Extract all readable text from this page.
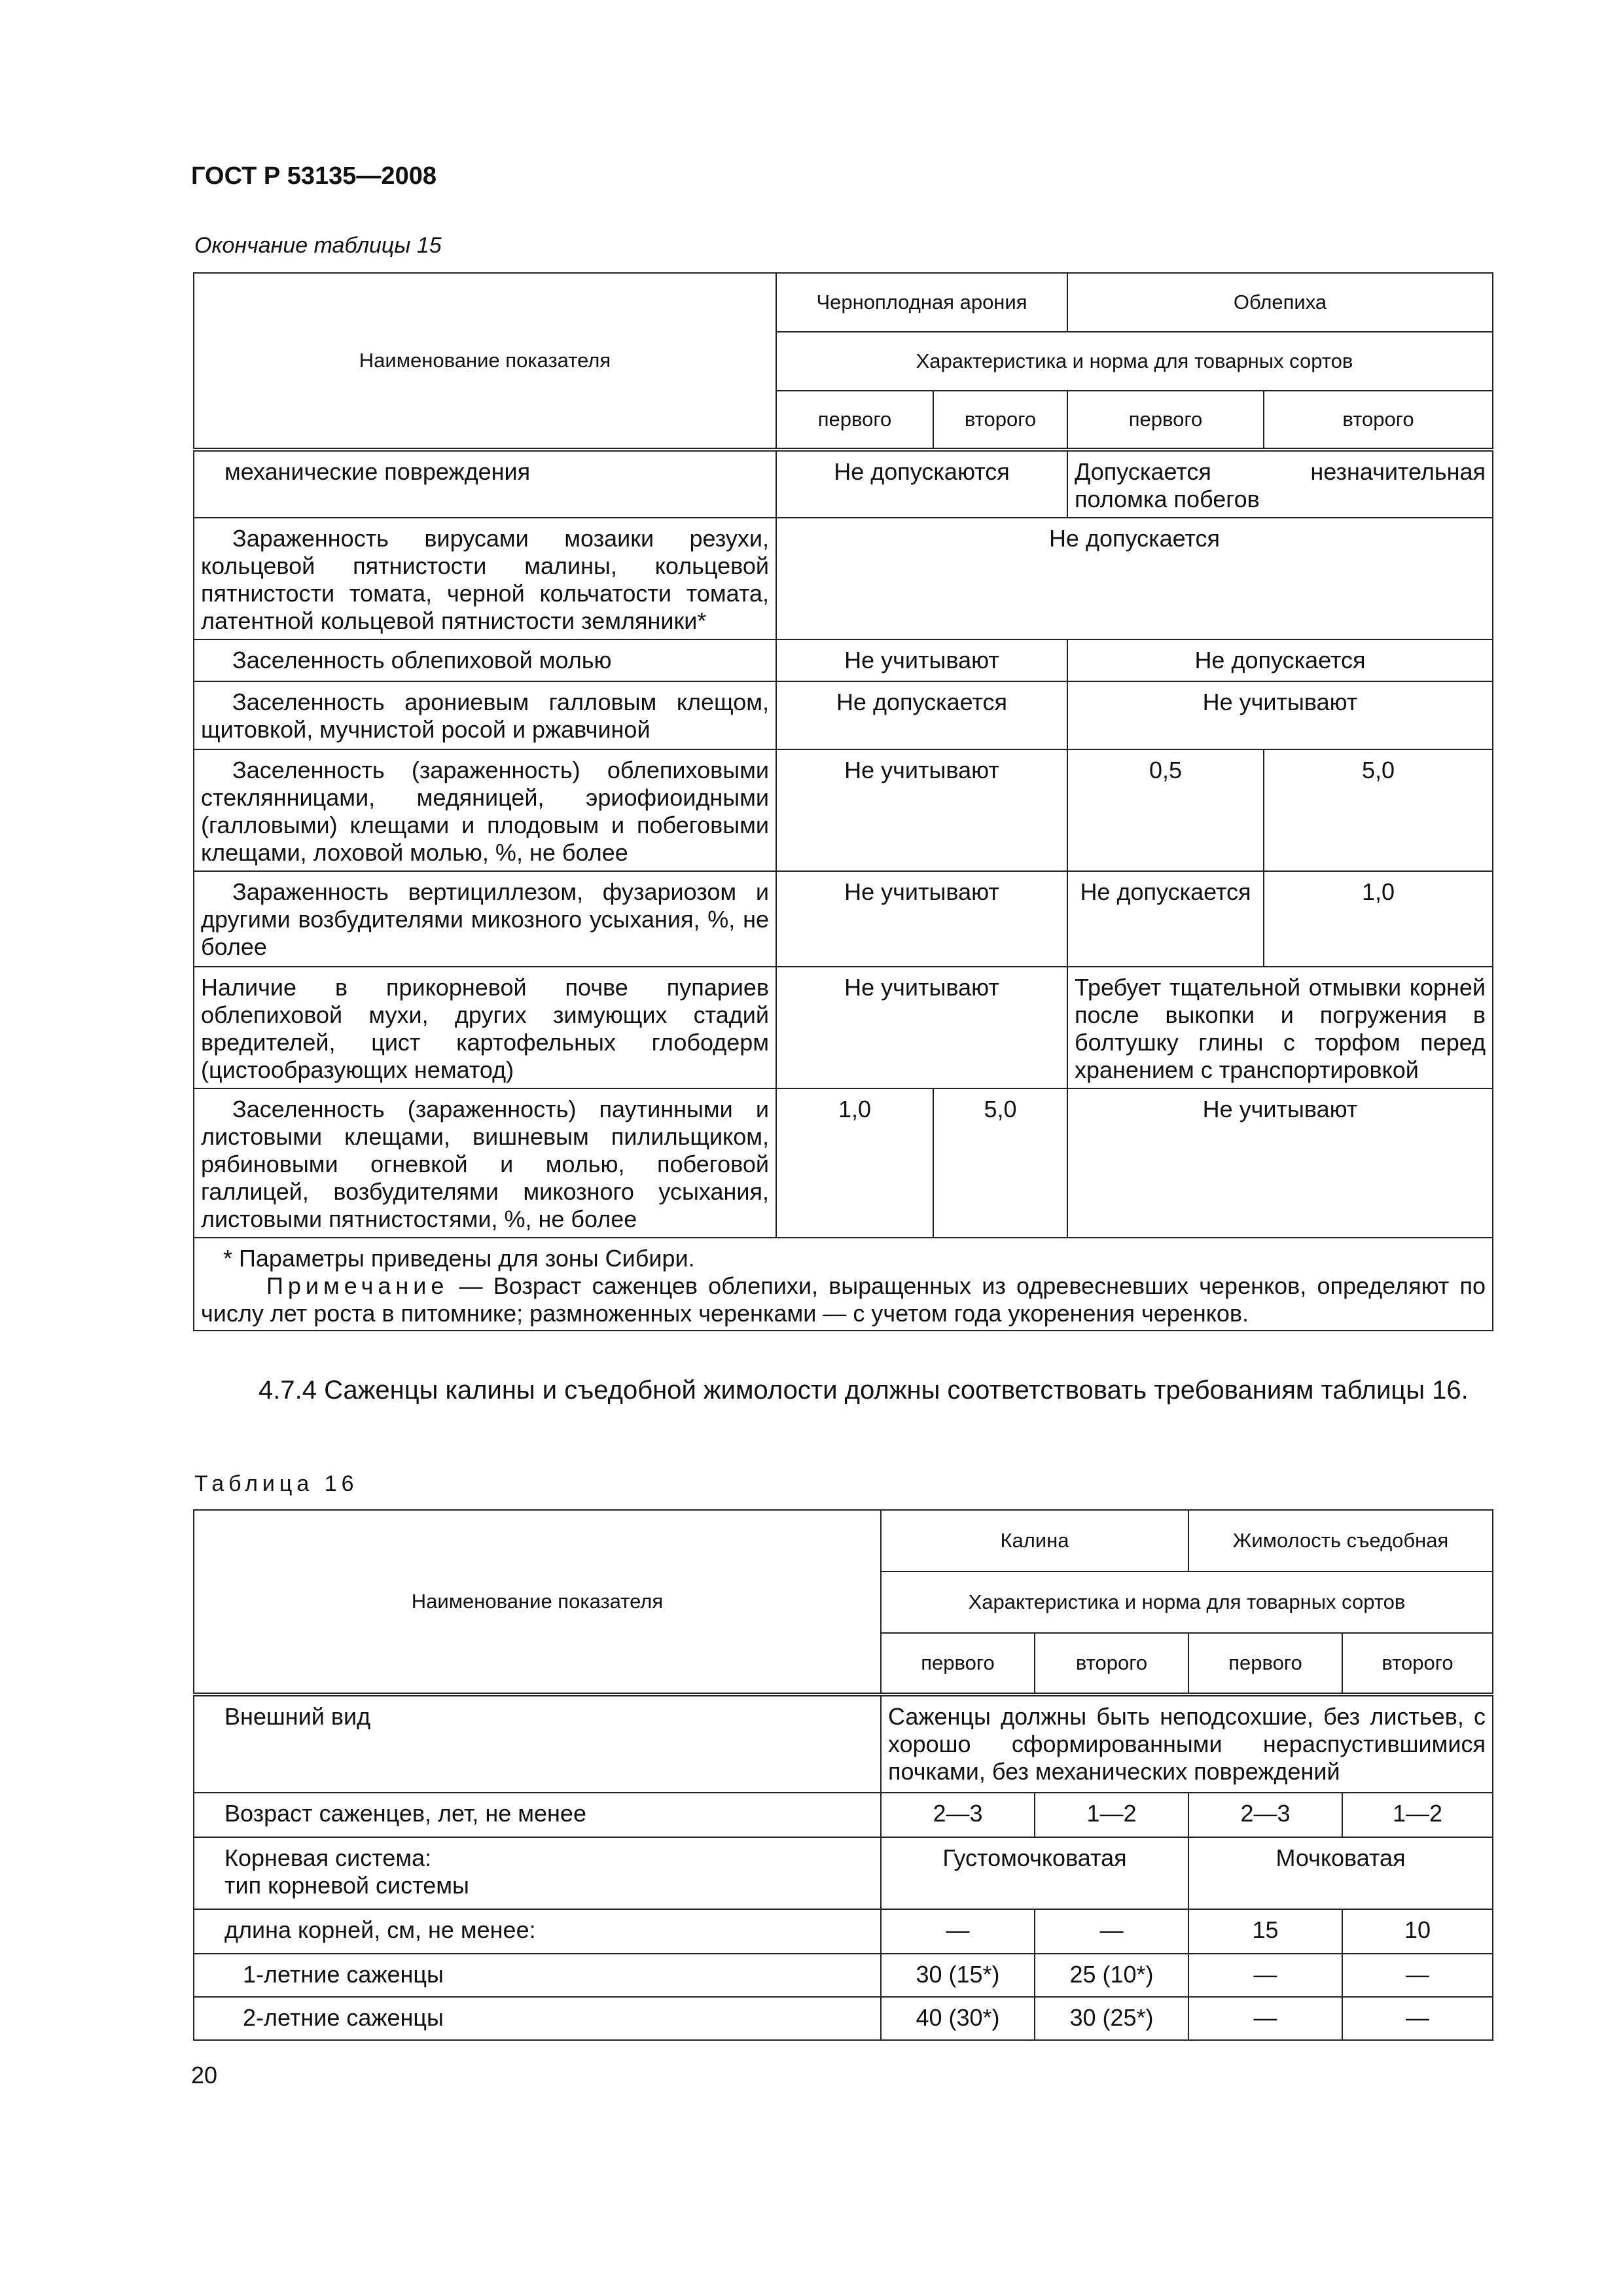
ГОСТ Р 53135—2008
Окончание таблицы 15
Наименование показателя	Черноплодная арония		Облепиха	
	Характеристика и норма для товарных сортов			
	первого	второго	первого	второго
механические повреждения	Не допускаются		Допускается незначительная поломка побегов	
Зараженность вирусами мозаики резухи, кольцевой пятнистости малины, кольцевой пятнистости томата, черной кольчатости томата, латентной кольцевой пятнистости земляники*	Не допускается			
Заселенность облепиховой молью	Не учитывают		Не допускается	
Заселенность арониевым галловым клещом, щитовкой, мучнистой росой и ржавчиной	Не допускается		Не учитывают	
Заселенность (зараженность) облепиховыми стеклянницами, медяницей, эриофиоидными (галловыми) клещами и плодовым и побеговыми клещами, лоховой молью, %, не более	Не учитывают		0,5	5,0
Зараженность вертициллезом, фузариозом и другими возбудителями микозного усыхания, %, не более	Не учитывают		Не допускается	1,0
Наличие в прикорневой почве пупариев облепиховой мухи, других зимующих стадий вредителей, цист картофельных глободерм (цистообразующих нематод)	Не учитывают		Требует тщательной отмывки корней после выкопки и погружения в болтушку глины с торфом перед хранением с транспортировкой	
Заселенность (зараженность) паутинными и листовыми клещами, вишневым пилильщиком, рябиновыми огневкой и молью, побеговой галлицей, возбудителями микозного усыхания, листовыми пятнистостями, %, не более	1,0	5,0	Не учитывают	

* Параметры приведены для зоны Сибири.
Примечание — Возраст саженцев облепихи, выращенных из одревесневших черенков, определяют по числу лет роста в питомнике; размноженных черенками — с учетом года укоренения черенков.				
4.7.4 Саженцы калины и съедобной жимолости должны соответствовать требованиям таблицы 16.
Таблица 16
Наименование показателя	Калина		Жимолость съедобная	
	Характеристика и норма для товарных сортов			
	первого	второго	первого	второго
Внешний вид	Саженцы должны быть неподсохшие, без листьев, с хорошо сформированными нераспустившимися почками, без механических повреждений			
Возраст саженцев, лет, не менее	2—3	1—2	2—3	1—2

Корневая система:
тип корневой системы	Густомочковатая		Мочковатая	
длина корней, см, не менее:	—	—	15	10
1-летние саженцы	30 (15*)	25 (10*)	—	—
2-летние саженцы	40 (30*)	30 (25*)	—	—
20
